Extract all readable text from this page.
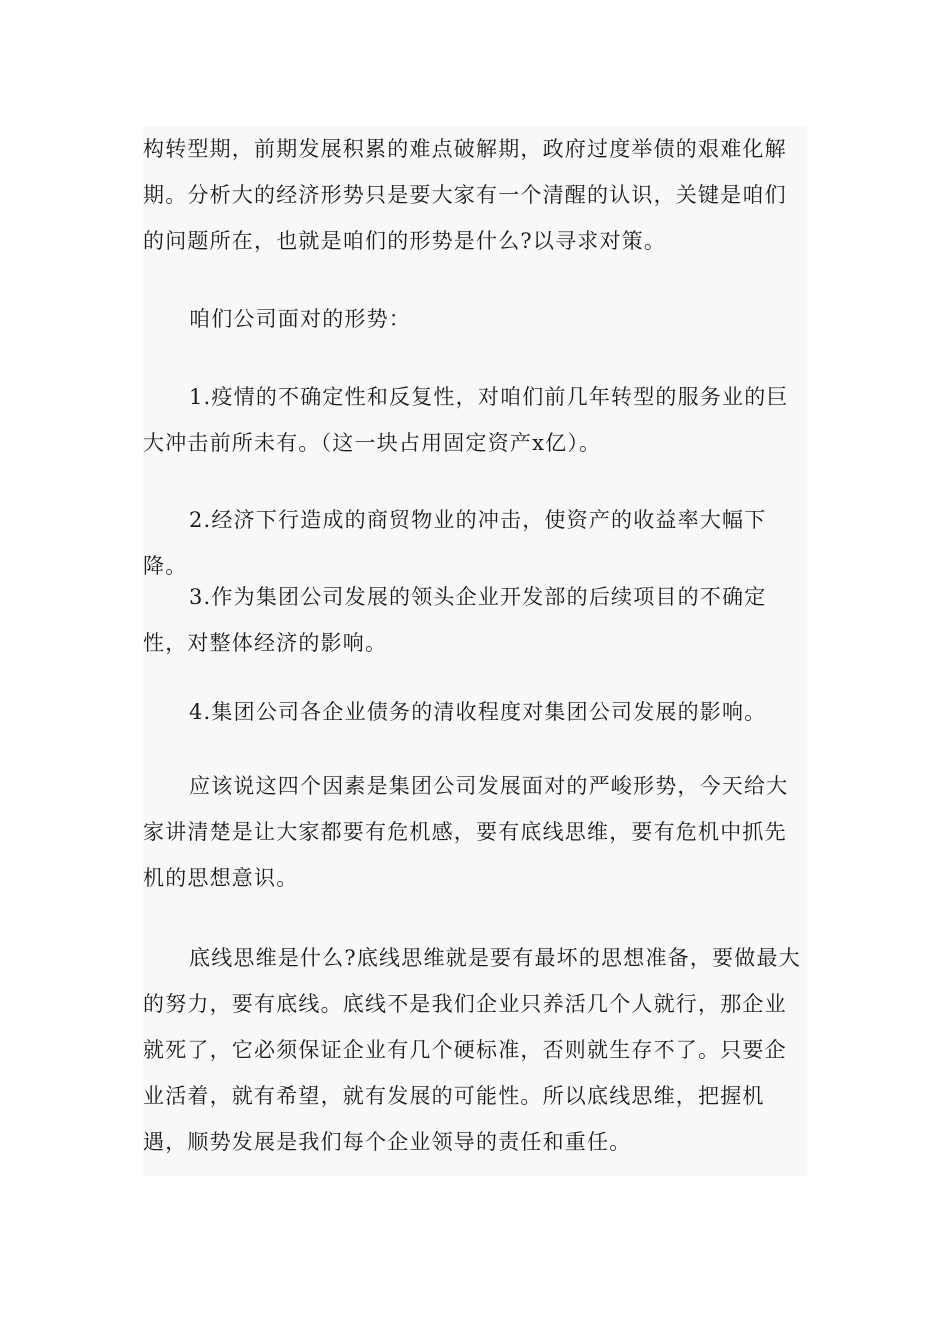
构转型期，前期发展积累的难点破解期，政府过度举债的艰难化解期。分析大的经济形势只是要大家有一个清醒的认识，关键是咱们的问题所在，也就是咱们的形势是什么?以寻求对策。

咱们公司面对的形势：

1.疫情的不确定性和反复性，对咱们前几年转型的服务业的巨大冲击前所未有。（这一块占用固定资产x亿）。

2.经济下行造成的商贸物业的冲击，使资产的收益率大幅下降。

3.作为集团公司发展的领头企业开发部的后续项目的不确定性，对整体经济的影响。

4.集团公司各企业债务的清收程度对集团公司发展的影响。

应该说这四个因素是集团公司发展面对的严峻形势，今天给大家讲清楚是让大家都要有危机感，要有底线思维，要有危机中抓先机的思想意识。

底线思维是什么?底线思维就是要有最坏的思想准备，要做最大的努力，要有底线。底线不是我们企业只养活几个人就行，那企业就死了，它必须保证企业有几个硬标准，否则就生存不了。只要企业活着，就有希望，就有发展的可能性。所以底线思维，把握机遇，顺势发展是我们每个企业领导的责任和重任。
